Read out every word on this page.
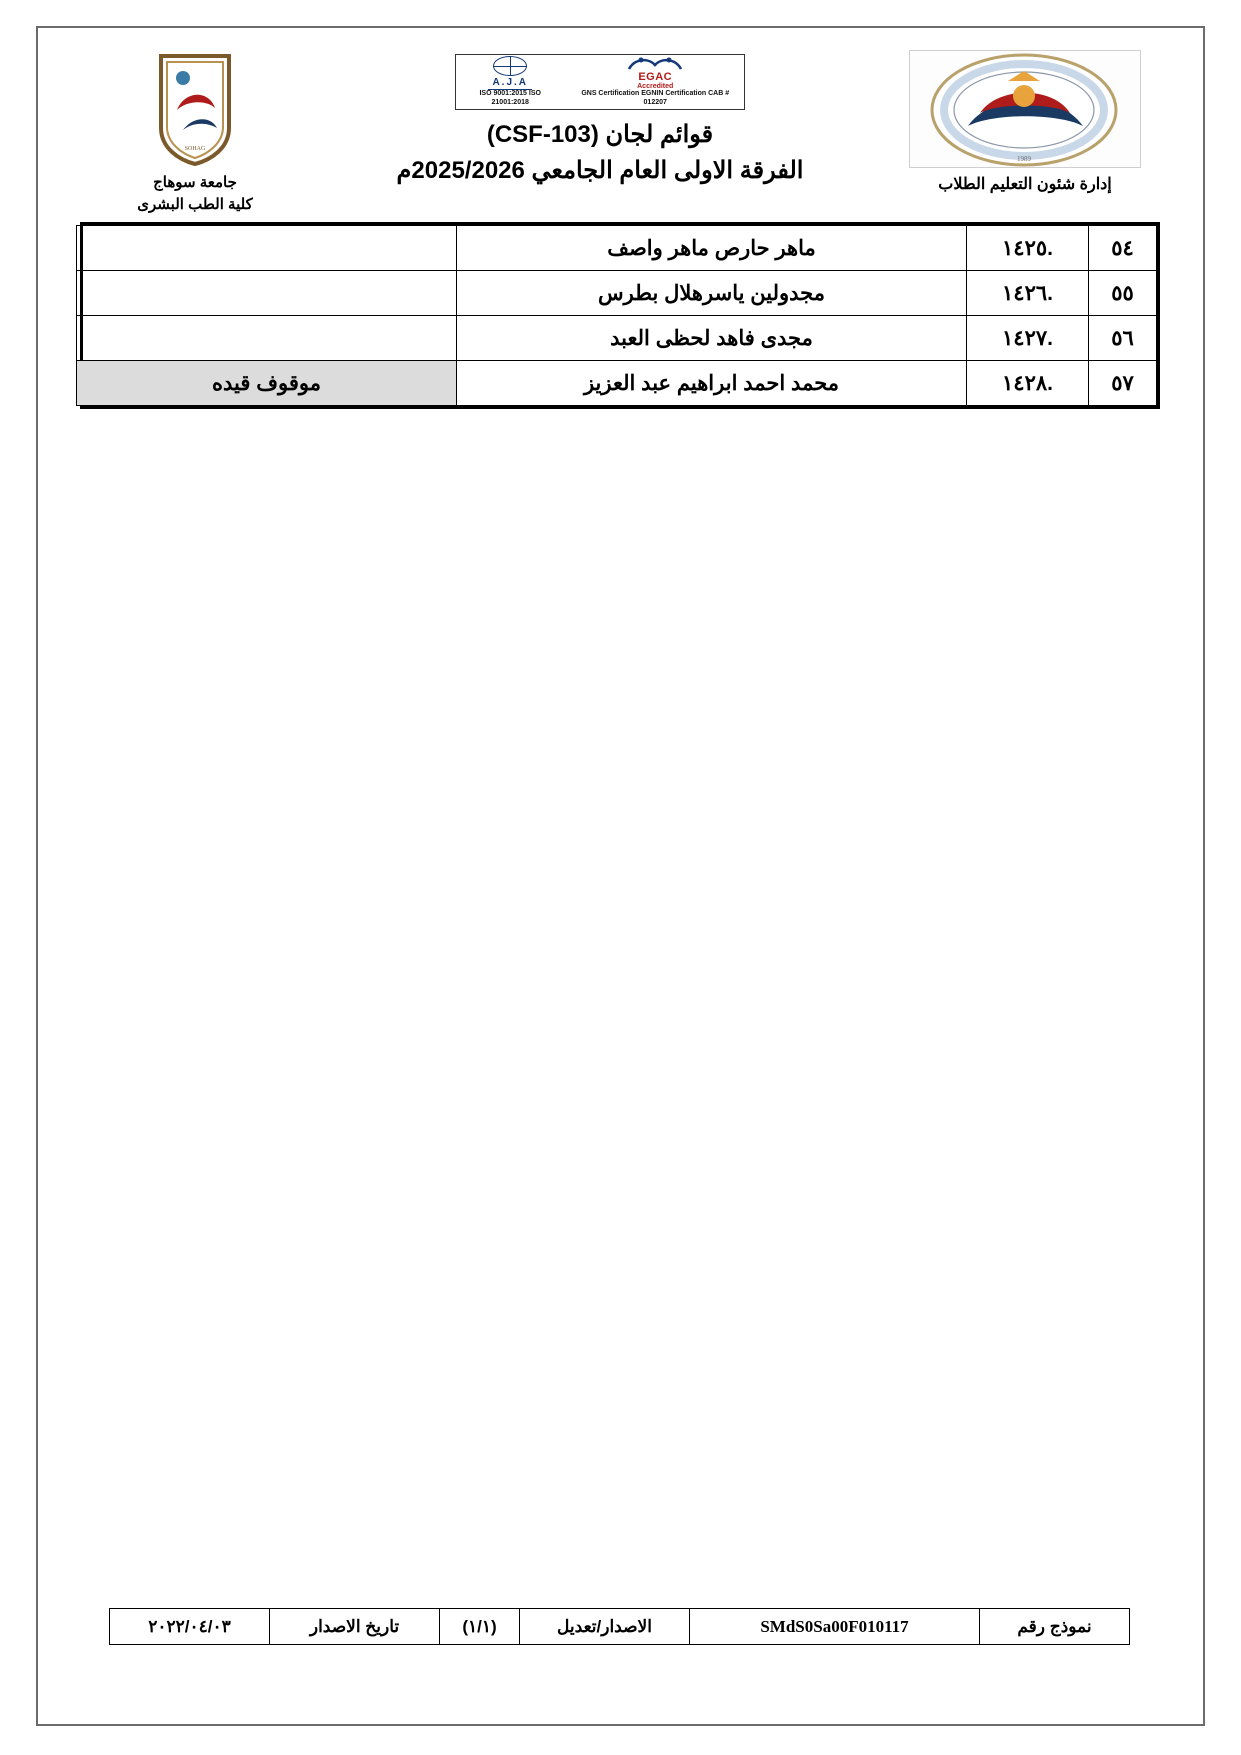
1989
إدارة شئون التعليم الطلاب
EGAC
Accredited
GNS Certification EGNIN Certification CAB # 012207
A.J.A
ISO 9001:2015 ISO 21001:2018
قوائم لجان (CSF-103)
الفرقة الاولى العام الجامعي 2025/2026م
SOHAG
جامعة سوهاج
كلية الطب البشرى
٥٤	.١٤٢٥	ماهر حارص ماهر واصف	
٥٥	.١٤٢٦	مجدولين ياسرهلال بطرس	
٥٦	.١٤٢٧	مجدى فاهد لحظى العبد	
٥٧	.١٤٢٨	محمد احمد ابراهيم عبد العزيز	موقوف قيده
نموذج رقم	SMdS0Sa00F010117	الاصدار/تعديل	(١/١)	تاريخ الاصدار	٢٠٢٢/٠٤/٠٣
